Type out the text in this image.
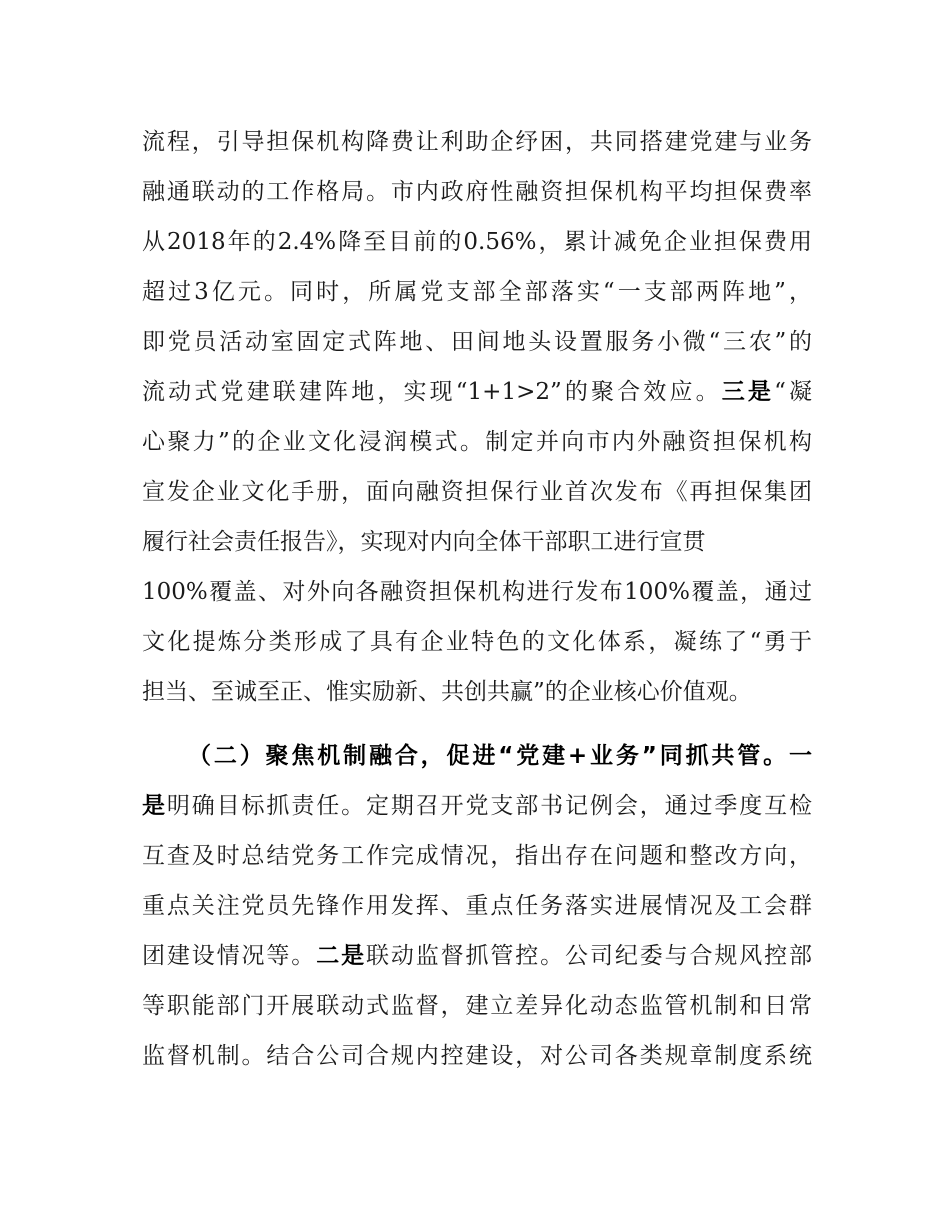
流程，引导担保机构降费让利助企纾困，共同搭建党建与业务
融通联动的工作格局。市内政府性融资担保机构平均担保费率
从2018年的2.4%降至目前的0.56%，累计减免企业担保费用
超过3亿元。同时，所属党支部全部落实“一支部两阵地”，
即党员活动室固定式阵地、田间地头设置服务小微“三农”的
流动式党建联建阵地，实现“1+1>2”的聚合效应。三是“凝
心聚力”的企业文化浸润模式。制定并向市内外融资担保机构
宣发企业文化手册，面向融资担保行业首次发布《再担保集团
履行社会责任报告》，实现对内向全体干部职工进行宣贯
100%覆盖、对外向各融资担保机构进行发布100%覆盖，通过
文化提炼分类形成了具有企业特色的文化体系，凝练了“勇于
担当、至诚至正、惟实励新、共创共赢”的企业核心价值观。
（二）聚焦机制融合，促进“党建+业务”同抓共管。一
是明确目标抓责任。定期召开党支部书记例会，通过季度互检
互查及时总结党务工作完成情况，指出存在问题和整改方向，
重点关注党员先锋作用发挥、重点任务落实进展情况及工会群
团建设情况等。二是联动监督抓管控。公司纪委与合规风控部
等职能部门开展联动式监督，建立差异化动态监管机制和日常
监督机制。结合公司合规内控建设，对公司各类规章制度系统
